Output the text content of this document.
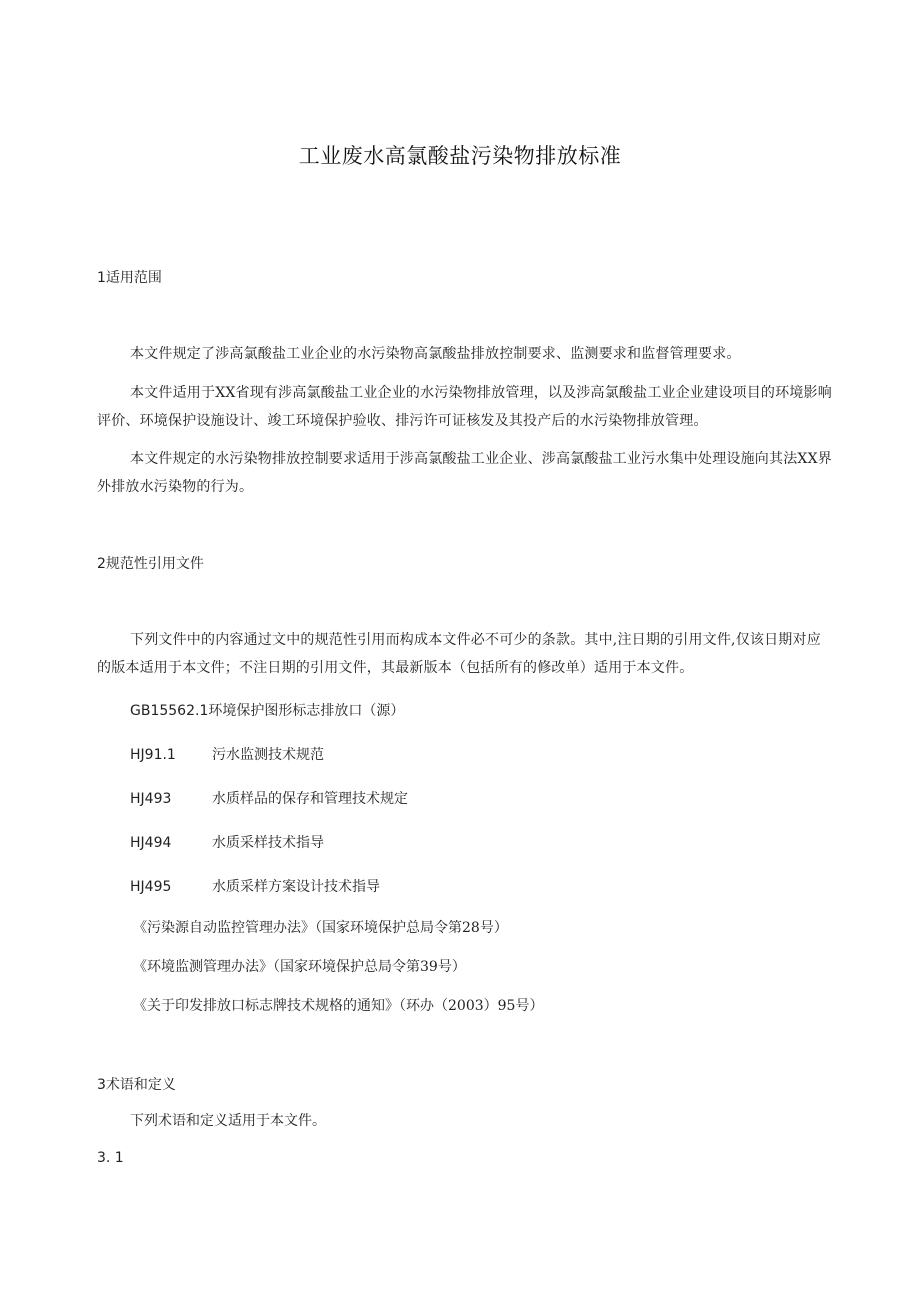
工业废水高氯酸盐污染物排放标准
1适用范围
本文件规定了涉高氯酸盐工业企业的水污染物高氯酸盐排放控制要求、监测要求和监督管理要求。
本文件适用于XX省现有涉高氯酸盐工业企业的水污染物排放管理，以及涉高氯酸盐工业企业建设项目的环境影响评价、环境保护设施设计、竣工环境保护验收、排污许可证核发及其投产后的水污染物排放管理。
本文件规定的水污染物排放控制要求适用于涉高氯酸盐工业企业、涉高氯酸盐工业污水集中处理设施向其法XX界外排放水污染物的行为。
2规范性引用文件
下列文件中的内容通过文中的规范性引用而构成本文件必不可少的条款。其中,注日期的引用文件,仅该日期对应的版本适用于本文件；不注日期的引用文件，其最新版本（包括所有的修改单）适用于本文件。
GB15562.1环境保护图形标志排放口（源）
HJ91.1	污水监测技术规范
HJ493	水质样品的保存和管理技术规定
HJ494	水质采样技术指导
HJ495	水质采样方案设计技术指导
《污染源自动监控管理办法》（国家环境保护总局令第28号）
《环境监测管理办法》（国家环境保护总局令第39号）
《关于印发排放口标志牌技术规格的通知》（环办（2003）95号）
3术语和定义
下列术语和定义适用于本文件。
3. 1
